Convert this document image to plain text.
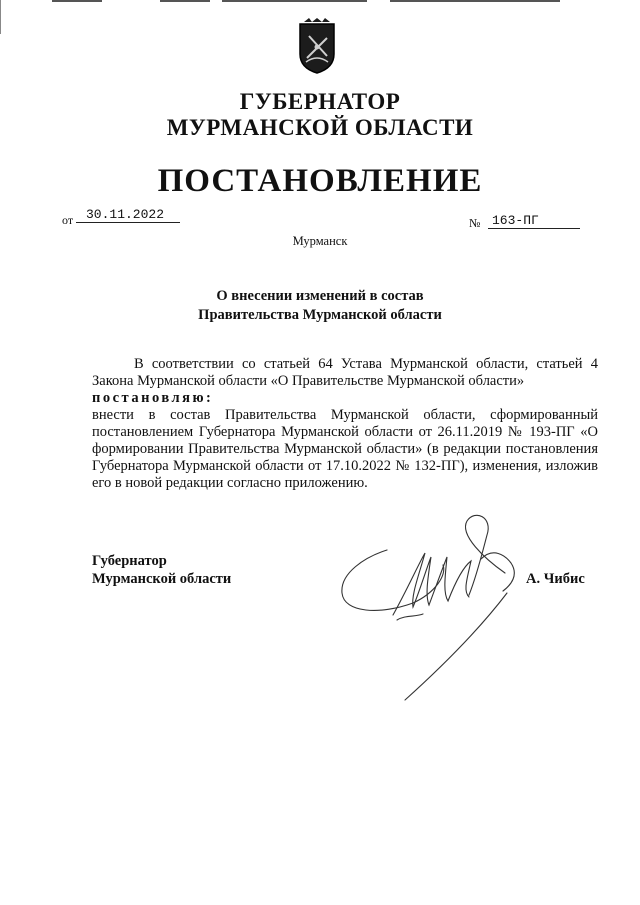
ГУБЕРНАТОР
МУРМАНСКОЙ ОБЛАСТИ
ПОСТАНОВЛЕНИЕ
от 30.11.2022
№ 163-ПГ
Мурманск
О внесении изменений в состав
Правительства Мурманской области
В соответствии со статьей 64 Устава Мурманской области, статьей 4 Закона Мурманской области «О Правительстве Мурманской области»
постановляю:
внести в состав Правительства Мурманской области, сформированный постановлением Губернатора Мурманской области от 26.11.2019 № 193-ПГ «О формировании Правительства Мурманской области» (в редакции постановления Губернатора Мурманской области от 17.10.2022 № 132-ПГ), изменения, изложив его в новой редакции согласно приложению.
Губернатор
Мурманской области	А. Чибис
